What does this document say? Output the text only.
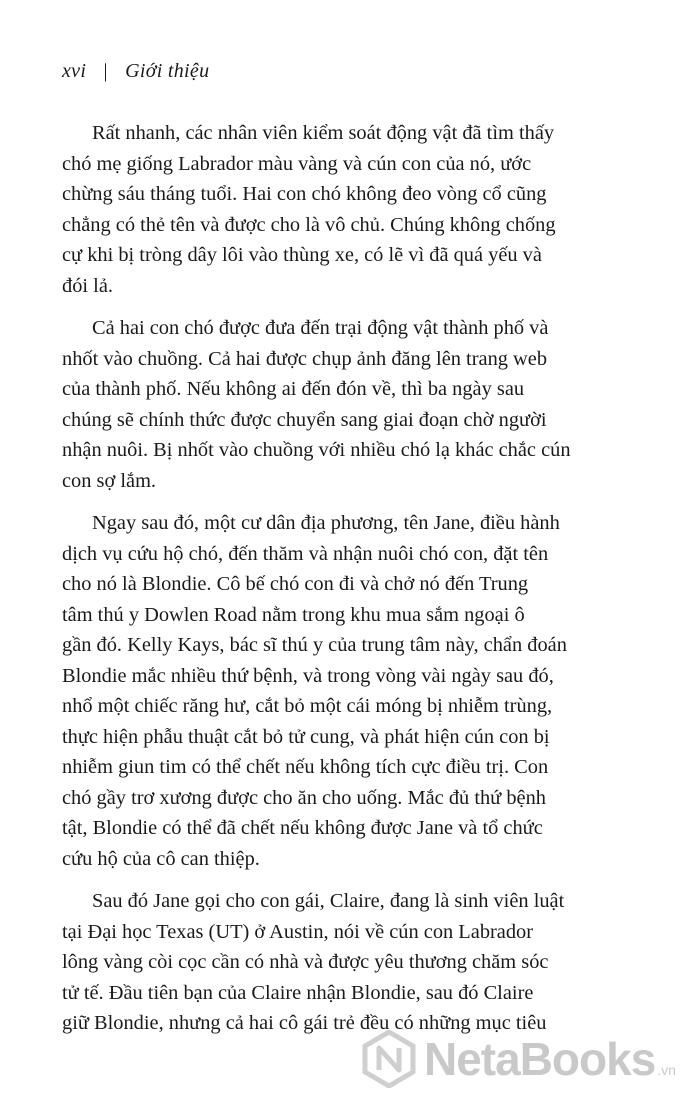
xvi | Giới thiệu

Rất nhanh, các nhân viên kiểm soát động vật đã tìm thấy
chó mẹ giống Labrador màu vàng và cún con của nó, ước
chừng sáu tháng tuổi. Hai con chó không đeo vòng cổ cũng
chẳng có thẻ tên và được cho là vô chủ. Chúng không chống
cự khi bị tròng dây lôi vào thùng xe, có lẽ vì đã quá yếu và
đói lả.

Cả hai con chó được đưa đến trại động vật thành phố và
nhốt vào chuồng. Cả hai được chụp ảnh đăng lên trang web
của thành phố. Nếu không ai đến đón về, thì ba ngày sau
chúng sẽ chính thức được chuyển sang giai đoạn chờ người
nhận nuôi. Bị nhốt vào chuồng với nhiều chó lạ khác chắc cún
con sợ lắm.

Ngay sau đó, một cư dân địa phương, tên Jane, điều hành
dịch vụ cứu hộ chó, đến thăm và nhận nuôi chó con, đặt tên
cho nó là Blondie. Cô bế chó con đi và chở nó đến Trung
tâm thú y Dowlen Road nằm trong khu mua sắm ngoại ô
gần đó. Kelly Kays, bác sĩ thú y của trung tâm này, chẩn đoán
Blondie mắc nhiều thứ bệnh, và trong vòng vài ngày sau đó,
nhổ một chiếc răng hư, cắt bỏ một cái móng bị nhiễm trùng,
thực hiện phẫu thuật cắt bỏ tử cung, và phát hiện cún con bị
nhiễm giun tim có thể chết nếu không tích cực điều trị. Con
chó gầy trơ xương được cho ăn cho uống. Mắc đủ thứ bệnh
tật, Blondie có thể đã chết nếu không được Jane và tổ chức
cứu hộ của cô can thiệp.

Sau đó Jane gọi cho con gái, Claire, đang là sinh viên luật
tại Đại học Texas (UT) ở Austin, nói về cún con Labrador
lông vàng còi cọc cần có nhà và được yêu thương chăm sóc
tử tế. Đầu tiên bạn của Claire nhận Blondie, sau đó Claire
giữ Blondie, nhưng cả hai cô gái trẻ đều có những mục tiêu

NetaBooks .vn
